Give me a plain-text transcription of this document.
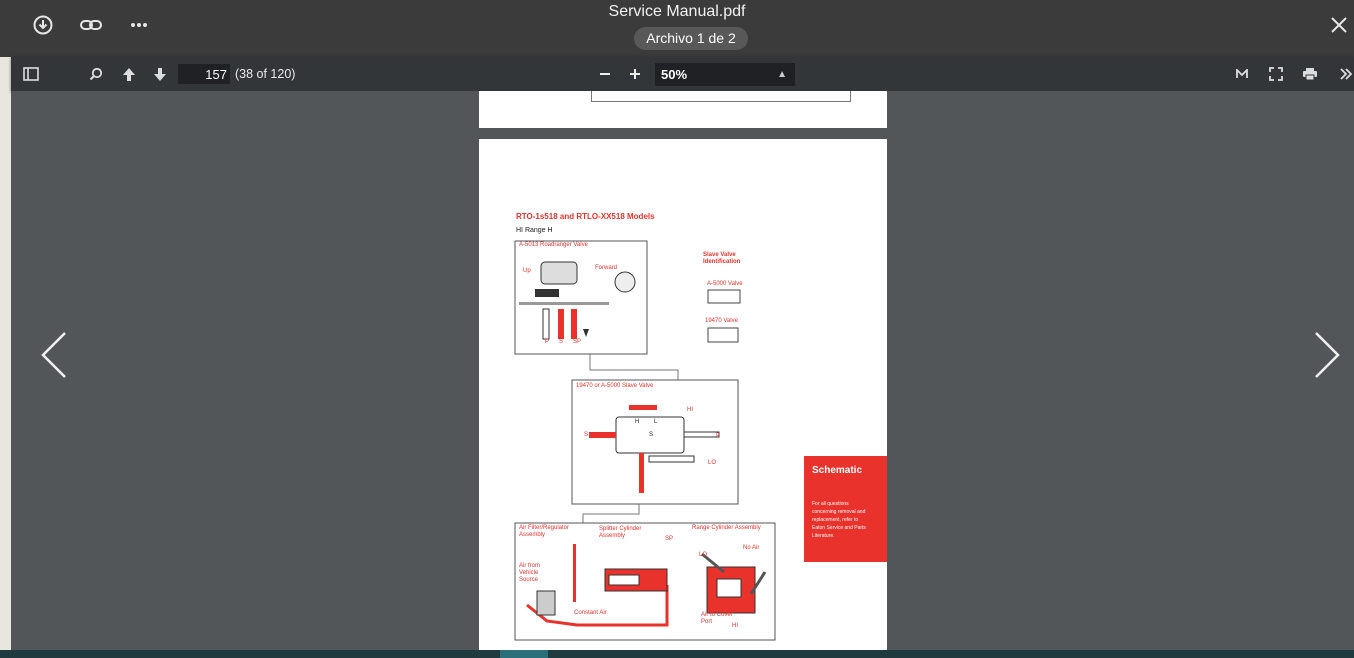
Service Manual.pdf
Archivo 1 de 2
157
(38 of 120)	50%	▲

RTO-1s518 and RTLO-XX518 Models
HI Range H
A-5013 Roadranger Valve
Up	Forward
P S SP
Slave Valve Identification
A-5000 Valve
19470 Valve
19470 or A-5000 Slave Valve
HI
H L
S	S	P
LO
Air Filter/Regulator Assembly
Splitter Cylinder Assembly
Range Cylinder Assembly
SP
Air from Vehicle Source
Constant Air
No Air
LO
Air to Cover Port
HI
Schematic
For all questions concerning removal and replacement, refer to Eaton Service and Parts Literature.
